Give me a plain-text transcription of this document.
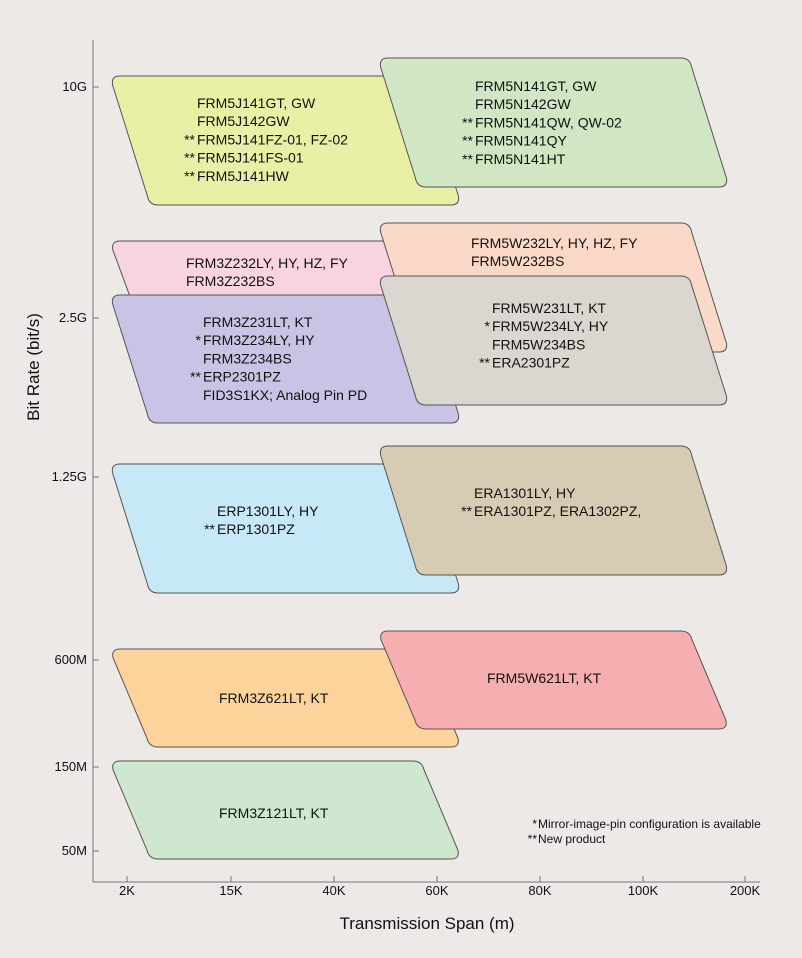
10G
2.5G
1.25G
600M
150M
50M
2K	15K	40K	60K	80K	100K	200K
Bit Rate (bit/s)
Transmission Span (m)
FRM3Z121LT, KT
FRM3Z621LT, KT
FRM5W621LT, KT
ERP1301LY, HY
** ERP1301PZ
ERA1301LY, HY
** ERA1301PZ, ERA1302PZ,
FRM3Z232LY, HY, HZ, FY
FRM3Z232BS
FRM5W232LY, HY, HZ, FY
FRM5W232BS
FRM3Z231LT, KT
* FRM3Z234LY, HY
FRM3Z234BS
** ERP2301PZ
FID3S1KX; Analog Pin PD
FRM5W231LT, KT
* FRM5W234LY, HY
FRM5W234BS
** ERA2301PZ
FRM5J141GT, GW
FRM5J142GW
** FRM5J141FZ-01, FZ-02
** FRM5J141FS-01
** FRM5J141HW
FRM5N141GT, GW
FRM5N142GW
** FRM5N141QW, QW-02
** FRM5N141QY
** FRM5N141HT
* Mirror-image-pin configuration is available
** New product
